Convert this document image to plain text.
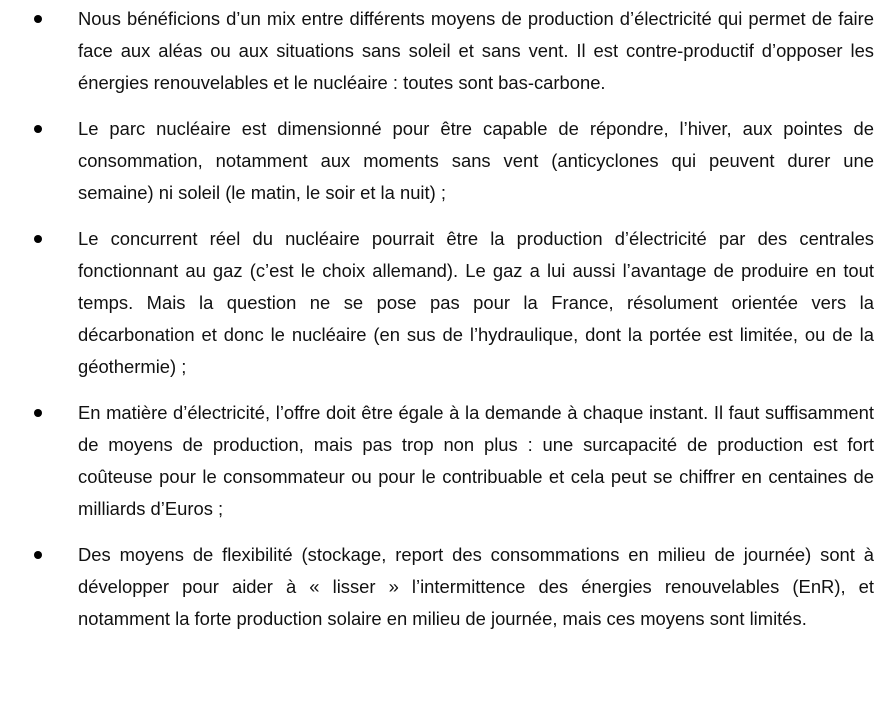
Nous bénéficions d’un mix entre différents moyens de production d’électricité qui permet de faire face aux aléas ou aux situations sans soleil et sans vent. Il est contre-productif d’opposer les énergies renouvelables et le nucléaire : toutes sont bas-carbone.
Le parc nucléaire est dimensionné pour être capable de répondre, l’hiver, aux pointes de consommation, notamment aux moments sans vent (anticyclones qui peuvent durer une semaine) ni soleil (le matin, le soir et la nuit) ;
Le concurrent réel du nucléaire pourrait être la production d’électricité par des centrales fonctionnant au gaz (c’est le choix allemand). Le gaz a lui aussi l’avantage de produire en tout temps. Mais la question ne se pose pas pour la France, résolument orientée vers la décarbonation et donc le nucléaire (en sus de l’hydraulique, dont la portée est limitée, ou de la géothermie) ;
En matière d’électricité, l’offre doit être égale à la demande à chaque instant. Il faut suffisamment de moyens de production, mais pas trop non plus : une surcapacité de production est fort coûteuse pour le consommateur ou pour le contribuable et cela peut se chiffrer en centaines de milliards d’Euros ;
Des moyens de flexibilité (stockage, report des consommations en milieu de journée) sont à développer pour aider à « lisser » l’intermittence des énergies renouvelables (EnR), et notamment la forte production solaire en milieu de journée, mais ces moyens sont limités.
